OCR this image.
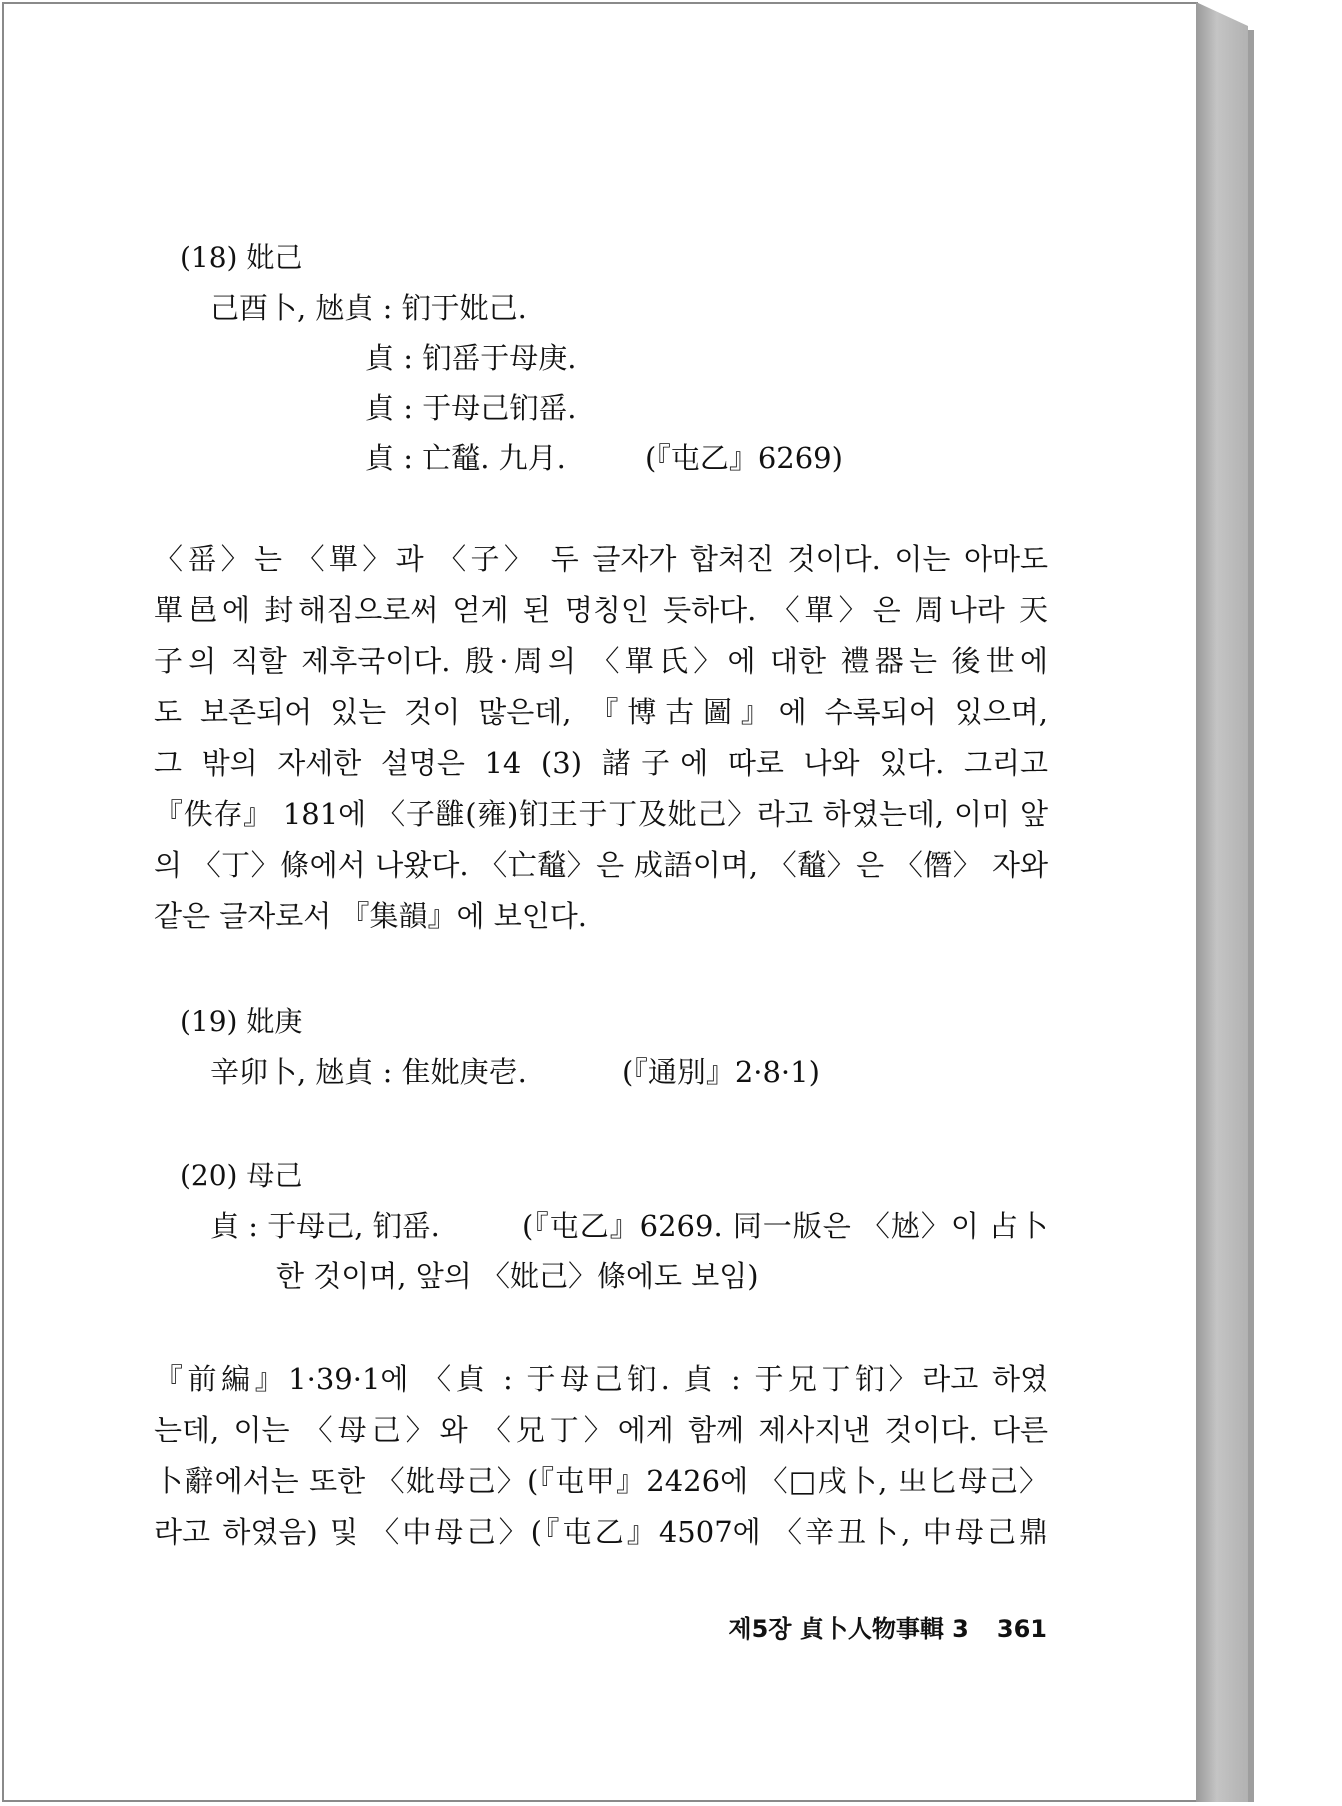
(18) 妣己
己酉卜, 㝽貞 : 钔于妣己.
貞 : 钔䍃于母庚.
貞 : 于母己钔䍃.
貞 : 亡䵸. 九月.	(『屯乙』6269)
〈䍃〉는 〈單〉과 〈子〉 두 글자가 합쳐진 것이다. 이는 아마도
單邑에 封해짐으로써 얻게 된 명칭인 듯하다. 〈單〉은 周나라 天
子의 직할 제후국이다. 殷·周의 〈單氏〉에 대한 禮器는 後世에
도 보존되어 있는 것이 많은데, 『博古圖』에 수록되어 있으며,
그 밖의 자세한 설명은 14 (3) 諸子에 따로 나와 있다. 그리고
『佚存』 181에 〈子雝(雍)钔王于丁及妣己〉라고 하였는데, 이미 앞
의 〈丁〉條에서 나왔다. 〈亡䵸〉은 成語이며, 〈䵸〉은 〈僭〉 자와
같은 글자로서 『集韻』에 보인다.
(19) 妣庚
辛卯卜, 㝽貞 : 隹妣庚壱.	(『通別』2·8·1)
(20) 母己
貞 : 于母己, 钔䍃.	(『屯乙』6269. 同一版은 〈㝽〉이 占卜
한 것이며, 앞의 〈妣己〉條에도 보임)
『前編』1·39·1에 〈貞 : 于母己钔. 貞 : 于兄丁钔〉라고 하였
는데, 이는 〈母己〉와 〈兄丁〉에게 함께 제사지낸 것이다. 다른
卜辭에서는 또한 〈妣母己〉(『屯甲』2426에 〈□戌卜, 㞢匕母己〉
라고 하였음) 및 〈中母己〉(『屯乙』4507에 〈辛丑卜, 中母己鼎
제5장 貞卜人物事輯 3 361
